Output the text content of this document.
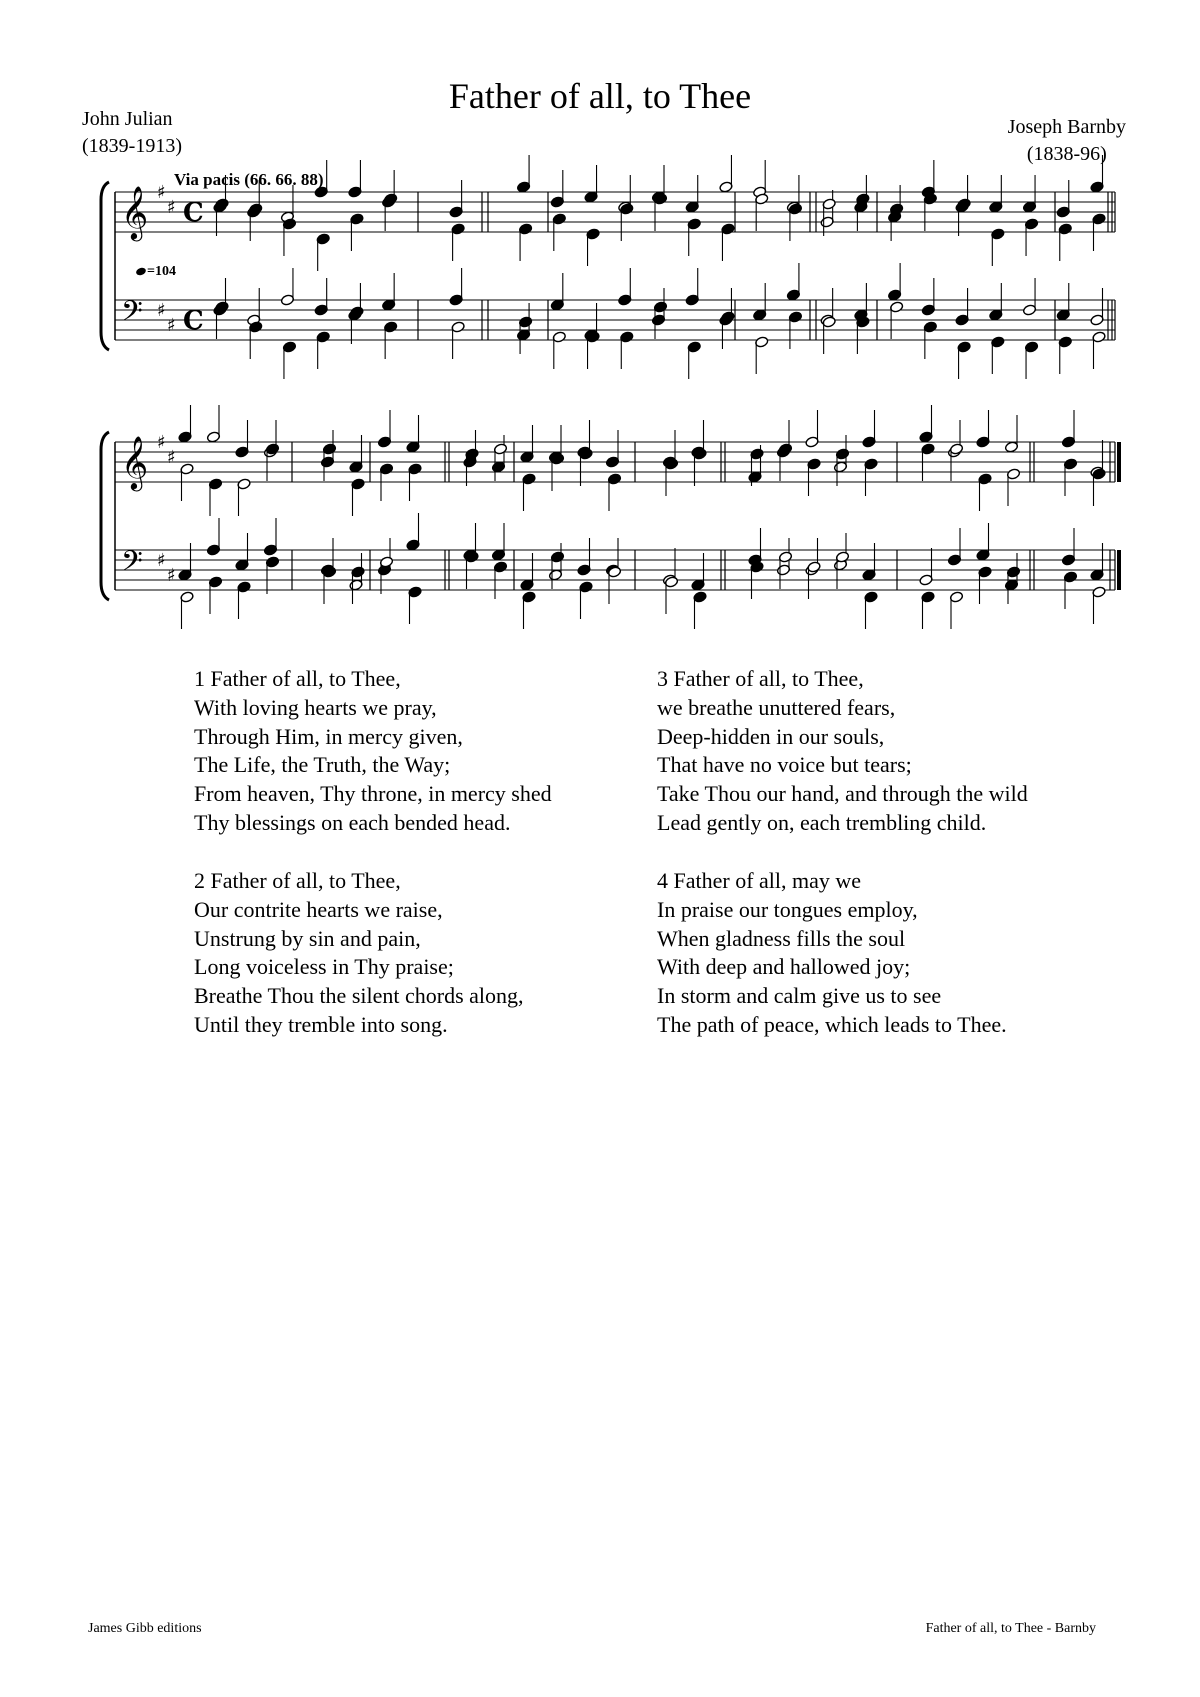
Father of all, to Thee
John Julian
(1839-1913)
Joseph Barnby
(1838-96)
Via pacis (66. 66. 88)
=104
𝄞 ♯
♯ C
𝄢 ♯
♯ C
𝄞 ♯
♯
𝄢 ♯
♯
1 Father of all, to Thee,
With loving hearts we pray,
Through Him, in mercy given,
The Life, the Truth, the Way;
From heaven, Thy throne, in mercy shed
Thy blessings on each bended head.
2 Father of all, to Thee,
Our contrite hearts we raise,
Unstrung by sin and pain,
Long voiceless in Thy praise;
Breathe Thou the silent chords along,
Until they tremble into song.
3 Father of all, to Thee,
we breathe unuttered fears,
Deep-hidden in our souls,
That have no voice but tears;
Take Thou our hand, and through the wild
Lead gently on, each trembling child.
4 Father of all, may we
In praise our tongues employ,
When gladness fills the soul
With deep and hallowed joy;
In storm and calm give us to see
The path of peace, which leads to Thee.
James Gibb editions	Father of all, to Thee - Barnby
